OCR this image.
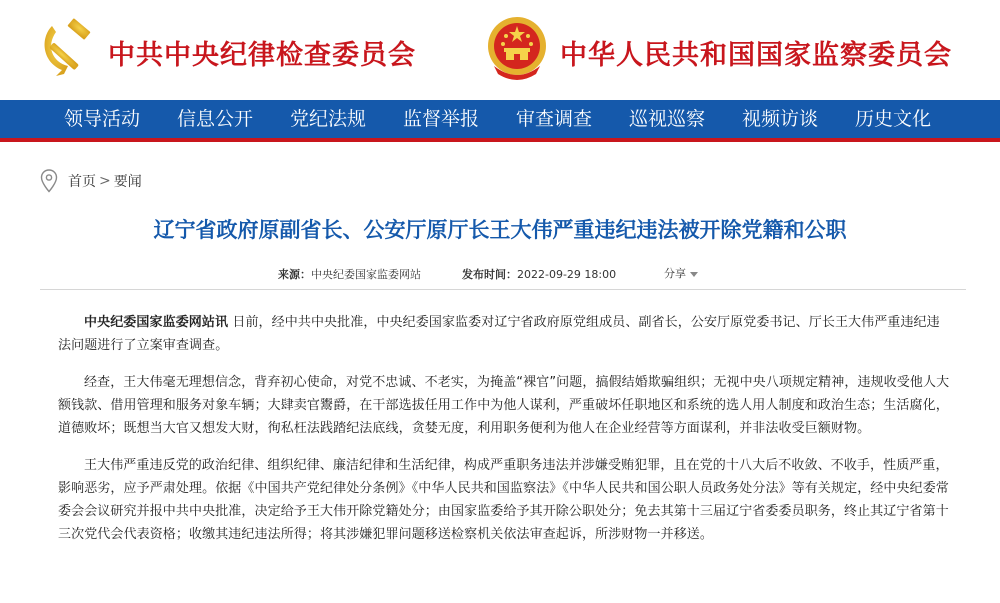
中共中央纪律检查委员会	中华人民共和国国家监察委员会
领导活动	信息公开	党纪法规	监督举报	审查调查	巡视巡察	视频访谈	历史文化
首页 > 要闻
辽宁省政府原副省长、公安厅原厅长王大伟严重违纪违法被开除党籍和公职
来源：中央纪委国家监委网站	发布时间：2022-09-29 18:00	分享

中央纪委国家监委网站讯 日前，经中共中央批准，中央纪委国家监委对辽宁省政府原党组成员、副省长，公安厅原党委书记、厅长王大伟严重违纪违法问题进行了立案审查调查。

经查，王大伟毫无理想信念，背弃初心使命，对党不忠诚、不老实，为掩盖“裸官”问题，搞假结婚欺骗组织；无视中央八项规定精神，违规收受他人大额钱款、借用管理和服务对象车辆；大肆卖官鬻爵，在干部选拔任用工作中为他人谋利，严重破坏任职地区和系统的选人用人制度和政治生态；生活腐化，道德败坏；既想当大官又想发大财，徇私枉法践踏纪法底线，贪婪无度，利用职务便利为他人在企业经营等方面谋利，并非法收受巨额财物。

王大伟严重违反党的政治纪律、组织纪律、廉洁纪律和生活纪律，构成严重职务违法并涉嫌受贿犯罪，且在党的十八大后不收敛、不收手，性质严重，影响恶劣，应予严肃处理。依据《中国共产党纪律处分条例》《中华人民共和国监察法》《中华人民共和国公职人员政务处分法》等有关规定，经中央纪委常委会会议研究并报中共中央批准，决定给予王大伟开除党籍处分；由国家监委给予其开除公职处分；免去其第十三届辽宁省委委员职务，终止其辽宁省第十三次党代会代表资格；收缴其违纪违法所得；将其涉嫌犯罪问题移送检察机关依法审查起诉，所涉财物一并移送。
